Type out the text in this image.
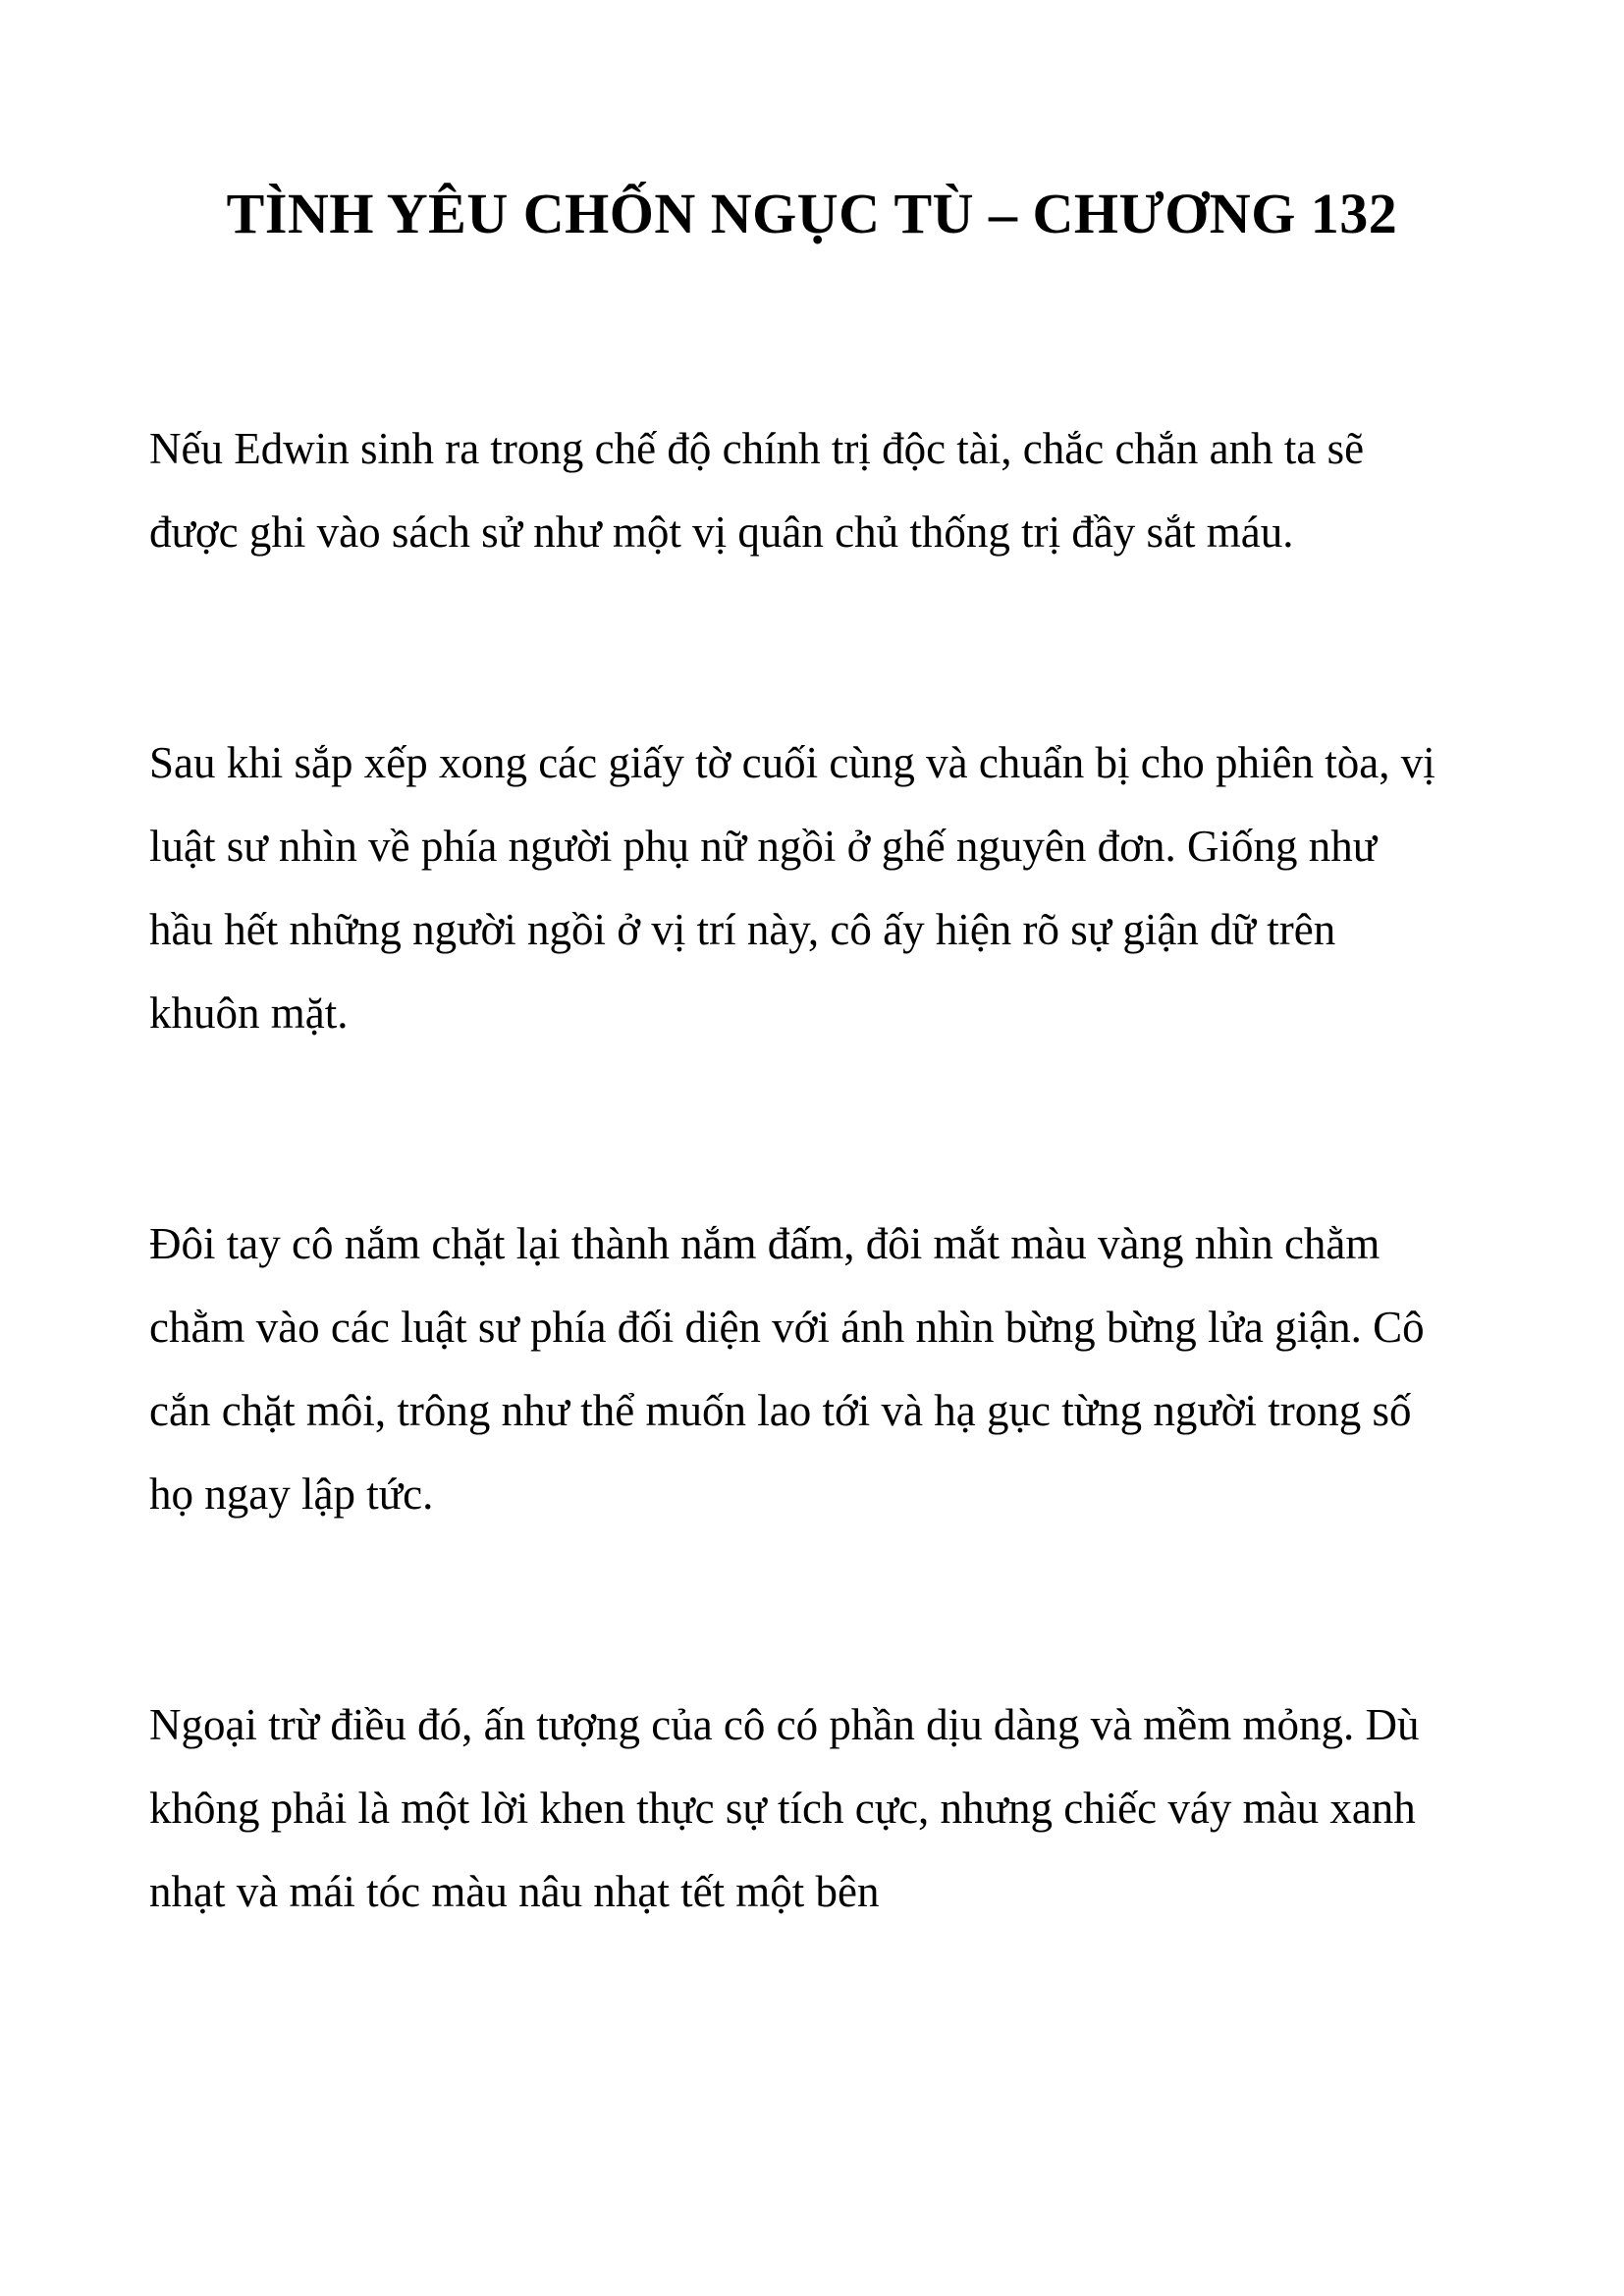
TÌNH YÊU CHỐN NGỤC TÙ – CHƯƠNG 132

Nếu Edwin sinh ra trong chế độ chính trị độc tài, chắc chắn anh ta sẽ được ghi vào sách sử như một vị quân chủ thống trị đầy sắt máu.

Sau khi sắp xếp xong các giấy tờ cuối cùng và chuẩn bị cho phiên tòa, vị luật sư nhìn về phía người phụ nữ ngồi ở ghế nguyên đơn. Giống như hầu hết những người ngồi ở vị trí này, cô ấy hiện rõ sự giận dữ trên khuôn mặt.

Đôi tay cô nắm chặt lại thành nắm đấm, đôi mắt màu vàng nhìn chằm chằm vào các luật sư phía đối diện với ánh nhìn bừng bừng lửa giận. Cô cắn chặt môi, trông như thể muốn lao tới và hạ gục từng người trong số họ ngay lập tức.

Ngoại trừ điều đó, ấn tượng của cô có phần dịu dàng và mềm mỏng. Dù không phải là một lời khen thực sự tích cực, nhưng chiếc váy màu xanh nhạt và mái tóc màu nâu nhạt tết một bên
